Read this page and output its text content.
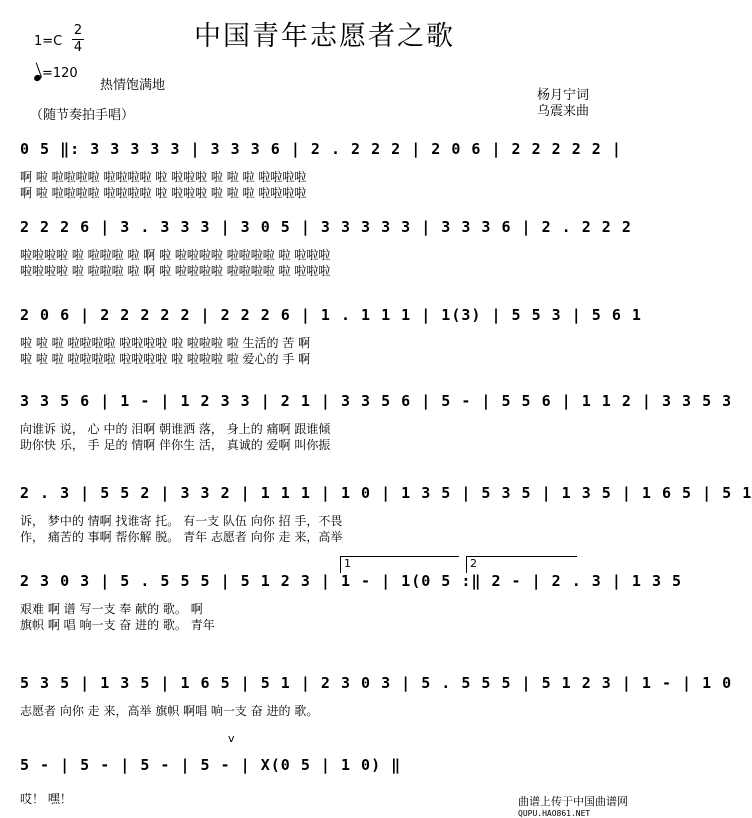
中国青年志愿者之歌
1=C
2
4
=120
热情饱满地
（随节奏拍手唱）
杨月宁词
乌震来曲
0 5 ‖: 3 3 3 3 3 | 3 3 3 6 | 2 . 2 2 2 | 2 0 6 | 2 2 2 2 2 |
啊 啦 啦啦啦啦 啦啦啦啦 啦 啦啦啦 啦 啦 啦 啦啦啦啦
啊 啦 啦啦啦啦 啦啦啦啦 啦 啦啦啦 啦 啦 啦 啦啦啦啦
2 2 2 6 | 3 . 3 3 3 | 3 0 5 | 3 3 3 3 3 | 3 3 3 6 | 2 . 2 2 2
啦啦啦啦 啦 啦啦啦 啦 啊 啦 啦啦啦啦 啦啦啦啦 啦 啦啦啦
啦啦啦啦 啦 啦啦啦 啦 啊 啦 啦啦啦啦 啦啦啦啦 啦 啦啦啦
2 0 6 | 2 2 2 2 2 | 2 2 2 6 | 1 . 1 1 1 | 1(3) | 5 5 3 | 5 6 1
啦 啦 啦 啦啦啦啦 啦啦啦啦 啦 啦啦啦 啦 生活的 苦 啊
啦 啦 啦 啦啦啦啦 啦啦啦啦 啦 啦啦啦 啦 爱心的 手 啊
3 3 5 6 | 1 - | 1 2 3 3 | 2 1 | 3 3 5 6 | 5 - | 5 5 6 | 1 1 2 | 3 3 5 3
向谁诉 说， 心 中的 泪啊 朝谁洒 落， 身上的 痛啊 跟谁倾
助你快 乐， 手 足的 情啊 伴你生 活， 真诚的 爱啊 叫你振
2 . 3 | 5 5 2 | 3 3 2 | 1 1 1 | 1 0 | 1 3 5 | 5 3 5 | 1 3 5 | 1 6 5 | 5 1
诉， 梦中的 情啊 找谁寄 托。 有一支 队伍 向你 招 手，不畏
作， 痛苦的 事啊 帮你解 脱。 青年 志愿者 向你 走 来，高举
1	2
2 3 0 3 | 5 . 5 5 5 | 5 1 2 3 | 1 - | 1(0 5 :‖ 2 - | 2 . 3 | 1 3 5
艰难 啊 谱 写一支 奉 献的 歌。 啊
旗帜 啊 唱 响一支 奋 进的 歌。 青年
5 3 5 | 1 3 5 | 1 6 5 | 5 1 | 2 3 0 3 | 5 . 5 5 5 | 5 1 2 3 | 1 - | 1 0
志愿者 向你 走 来，高举 旗帜 啊唱 响一支 奋 进的 歌。
v
5 - | 5 - | 5 - | 5 - | X(0 5 | 1 0) ‖
哎！ 嘿！	曲谱上传于中国曲谱网
QUPU.HAO861.NET
